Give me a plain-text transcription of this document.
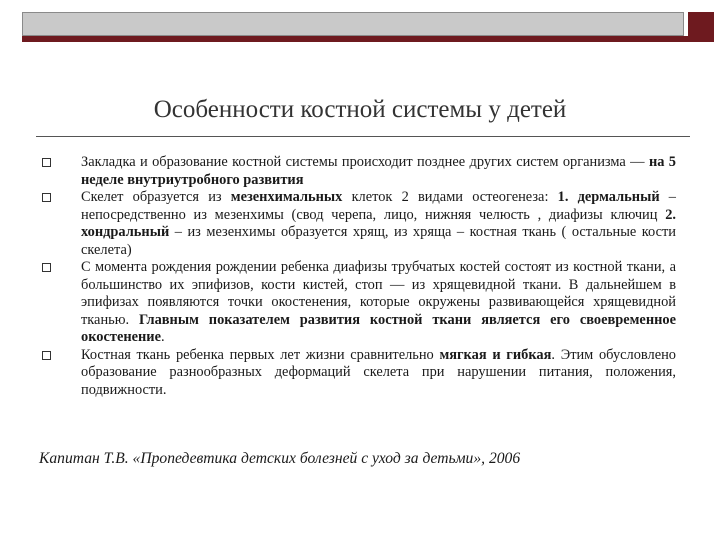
Особенности костной системы у детей

Закладка и образование костной системы происходит позднее других систем организма — на 5 неделе внутриутробного развития

Скелет образуется из мезенхимальных клеток 2 видами остеогенеза: 1. дермальный – непосредственно из мезенхимы (свод черепа, лицо, нижняя челюсть , диафизы ключиц 2. хондральный – из мезенхимы образуется хрящ, из хряща – костная ткань ( остальные кости скелета)

С момента рождения рождении ребенка диафизы трубчатых костей состоят из костной ткани, а большинство их эпифизов, кости кистей, стоп — из хрящевидной ткани. В дальнейшем в эпифизах появляются точки окостенения, которые окружены развивающейся хрящевидной тканью. Главным показателем развития костной ткани является его своевременное окостенение.

Костная ткань ребенка первых лет жизни сравнительно мягкая и гибкая. Этим обусловлено образование разнообразных деформаций скелета при нарушении питания, положения, подвижности.

Капитан Т.В. «Пропедевтика детских болезней с уход за детьми», 2006
